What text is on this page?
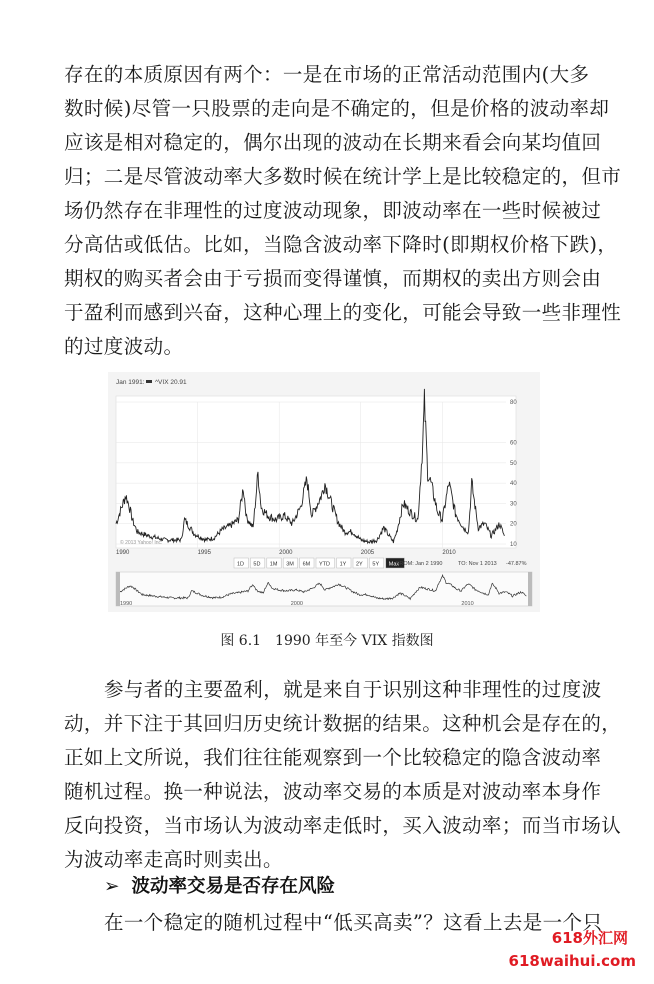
存在的本质原因有两个：一是在市场的正常活动范围内(大多
数时候)尽管一只股票的走向是不确定的，但是价格的波动率却
应该是相对稳定的，偶尔出现的波动在长期来看会向某均值回
归；二是尽管波动率大多数时候在统计学上是比较稳定的，但市
场仍然存在非理性的过度波动现象，即波动率在一些时候被过
分高估或低估。比如，当隐含波动率下降时(即期权价格下跌)，
期权的购买者会由于亏损而变得谨慎，而期权的卖出方则会由
于盈利而感到兴奋，这种心理上的变化，可能会导致一些非理性
的过度波动。
Jan 1991: ^VIX 20.91
10
20
30
40
50
60
80
1990	1995	2000	2005	2010
© 2013 Yahoo! Inc.
1D 5D 1M 3M 6M YTD 1Y 2Y 5Y Max
FROM: Jan 2 1990	TO: Nov 1 2013 -47.87%
1990	2000	2010
图 6.1　1990 年至今 VIX 指数图
参与者的主要盈利，就是来自于识别这种非理性的过度波
动，并下注于其回归历史统计数据的结果。这种机会是存在的，
正如上文所说，我们往往能观察到一个比较稳定的隐含波动率
随机过程。换一种说法，波动率交易的本质是对波动率本身作
反向投资，当市场认为波动率走低时，买入波动率；而当市场认
为波动率走高时则卖出。
➢ 波动率交易是否存在风险
在一个稳定的随机过程中“低买高卖”？这看上去是一个只
618外汇网
618waihui.com
